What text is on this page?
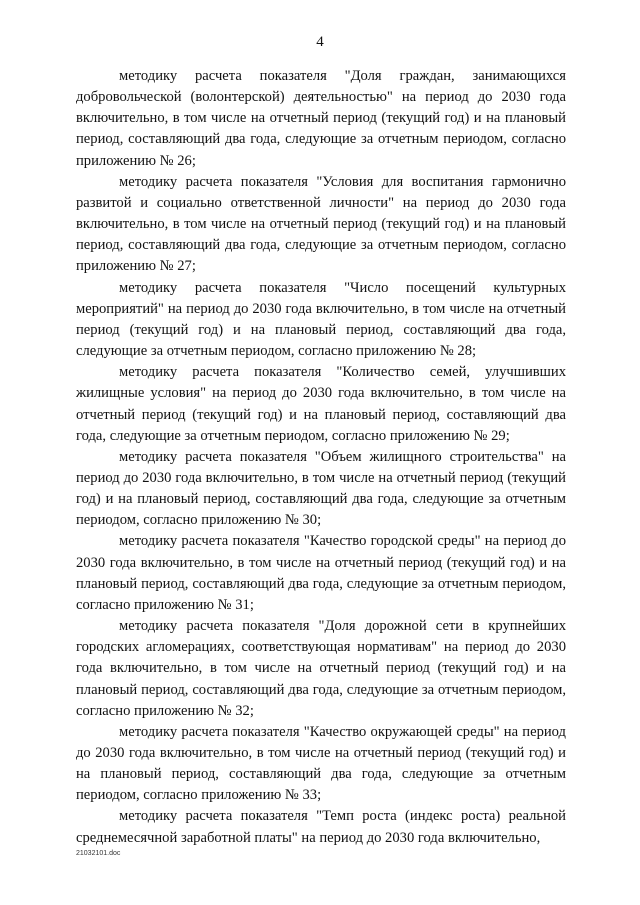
4

методику расчета показателя "Доля граждан, занимающихся добровольческой (волонтерской) деятельностью" на период до 2030 года включительно, в том числе на отчетный период (текущий год) и на плановый период, составляющий два года, следующие за отчетным периодом, согласно приложению № 26;

методику расчета показателя "Условия для воспитания гармонично развитой и социально ответственной личности" на период до 2030 года включительно, в том числе на отчетный период (текущий год) и на плановый период, составляющий два года, следующие за отчетным периодом, согласно приложению № 27;

методику расчета показателя "Число посещений культурных мероприятий" на период до 2030 года включительно, в том числе на отчетный период (текущий год) и на плановый период, составляющий два года, следующие за отчетным периодом, согласно приложению № 28;

методику расчета показателя "Количество семей, улучшивших жилищные условия" на период до 2030 года включительно, в том числе на отчетный период (текущий год) и на плановый период, составляющий два года, следующие за отчетным периодом, согласно приложению № 29;

методику расчета показателя "Объем жилищного строительства" на период до 2030 года включительно, в том числе на отчетный период (текущий год) и на плановый период, составляющий два года, следующие за отчетным периодом, согласно приложению № 30;

методику расчета показателя "Качество городской среды" на период до 2030 года включительно, в том числе на отчетный период (текущий год) и на плановый период, составляющий два года, следующие за отчетным периодом, согласно приложению № 31;

методику расчета показателя "Доля дорожной сети в крупнейших городских агломерациях, соответствующая нормативам" на период до 2030 года включительно, в том числе на отчетный период (текущий год) и на плановый период, составляющий два года, следующие за отчетным периодом, согласно приложению № 32;

методику расчета показателя "Качество окружающей среды" на период до 2030 года включительно, в том числе на отчетный период (текущий год) и на плановый период, составляющий два года, следующие за отчетным периодом, согласно приложению № 33;

методику расчета показателя "Темп роста (индекс роста) реальной среднемесячной заработной платы" на период до 2030 года включительно,

21032101.doc
